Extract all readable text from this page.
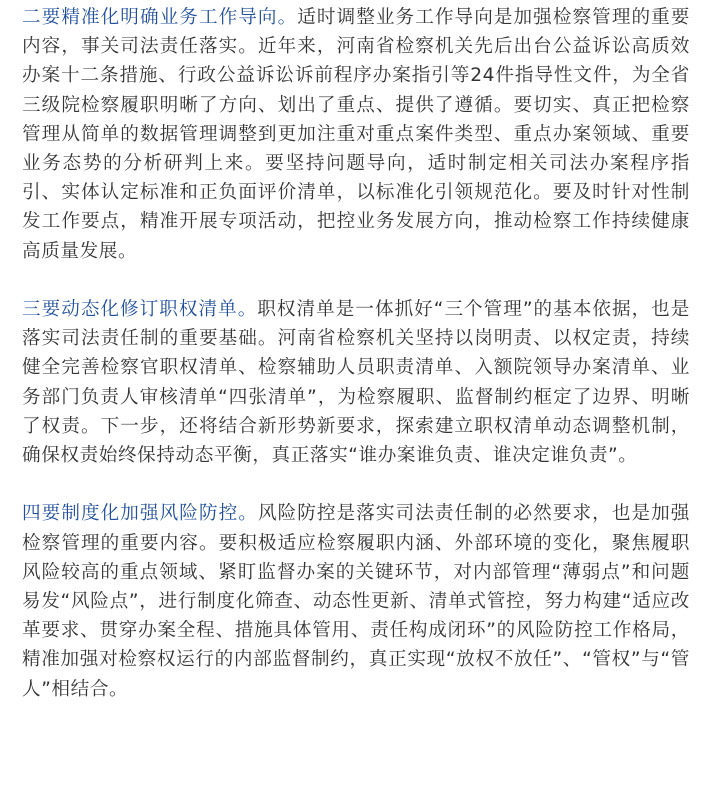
二要精准化明确业务工作导向。适时调整业务工作导向是加强检察管理的重要内容，事关司法责任落实。近年来，河南省检察机关先后出台公益诉讼高质效办案十二条措施、行政公益诉讼诉前程序办案指引等24件指导性文件，为全省三级院检察履职明晰了方向、划出了重点、提供了遵循。要切实、真正把检察管理从简单的数据管理调整到更加注重对重点案件类型、重点办案领域、重要业务态势的分析研判上来。要坚持问题导向，适时制定相关司法办案程序指引、实体认定标准和正负面评价清单，以标准化引领规范化。要及时针对性制发工作要点，精准开展专项活动，把控业务发展方向，推动检察工作持续健康高质量发展。

三要动态化修订职权清单。职权清单是一体抓好“三个管理”的基本依据，也是落实司法责任制的重要基础。河南省检察机关坚持以岗明责、以权定责，持续健全完善检察官职权清单、检察辅助人员职责清单、入额院领导办案清单、业务部门负责人审核清单“四张清单”，为检察履职、监督制约框定了边界、明晰了权责。下一步，还将结合新形势新要求，探索建立职权清单动态调整机制，确保权责始终保持动态平衡，真正落实“谁办案谁负责、谁决定谁负责”。

四要制度化加强风险防控。风险防控是落实司法责任制的必然要求，也是加强检察管理的重要内容。要积极适应检察履职内涵、外部环境的变化，聚焦履职风险较高的重点领域、紧盯监督办案的关键环节，对内部管理“薄弱点”和问题易发“风险点”，进行制度化筛查、动态性更新、清单式管控，努力构建“适应改革要求、贯穿办案全程、措施具体管用、责任构成闭环”的风险防控工作格局，精准加强对检察权运行的内部监督制约，真正实现“放权不放任”、“管权”与“管人”相结合。
